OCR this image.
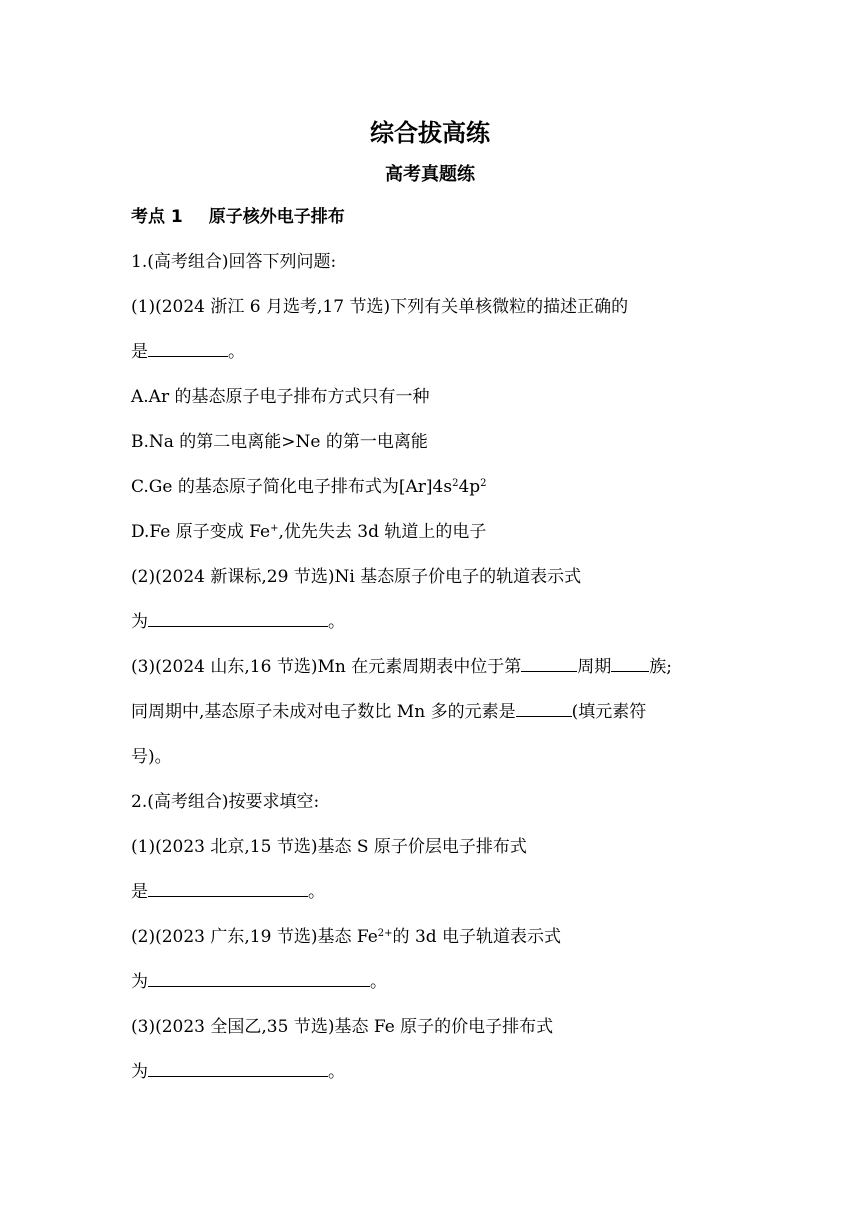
综合拔高练
高考真题练
考点 1 原子核外电子排布
1.(高考组合)回答下列问题:
(1)(2024 浙江 6 月选考,17 节选)下列有关单核微粒的描述正确的
是	。
A.Ar 的基态原子电子排布方式只有一种
B.Na 的第二电离能>Ne 的第一电离能
C.Ge 的基态原子简化电子排布式为$[Ar]4s^24p^2$
D.Fe 原子变成 Fe+,优先失去 3d 轨道上的电子
(2)(2024 新课标,29 节选)Ni 基态原子价电子的轨道表示式
为	。
(3)(2024 山东,16 节选)Mn 在元素周期表中位于第	周期 族;
同周期中,基态原子未成对电子数比 Mn 多的元素是	(填元素符
号)。
2.(高考组合)按要求填空:
(1)(2023 北京,15 节选)基态 S 原子价层电子排布式
是	。
(2)(2023 广东,19 节选)基态 $Fe^{2+}$的 3d 电子轨道表示式
为	。
(3)(2023 全国乙,35 节选)基态 Fe 原子的价电子排布式
为	。
